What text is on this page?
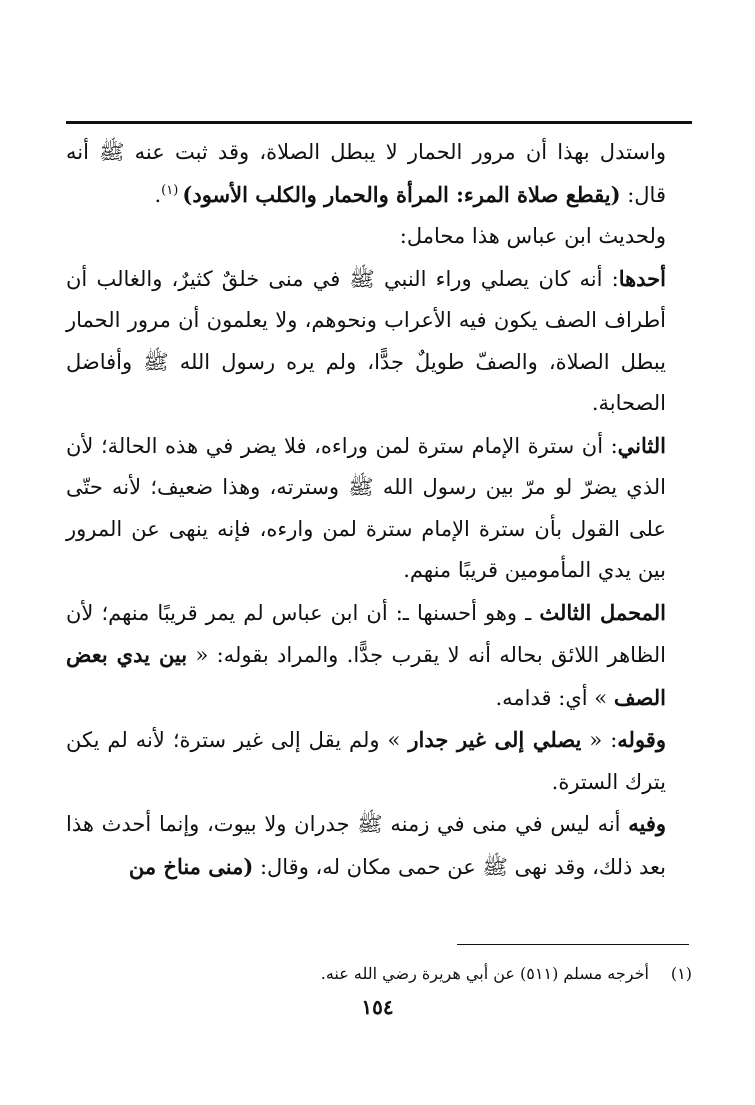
واستدل بهذا أن مرور الحمار لا يبطل الصلاة، وقد ثبت عنه ﷺ أنه قال: (يقطع صلاة المرء: المرأة والحمار والكلب الأسود) $^{(١)}$.

ولحديث ابن عباس هذا محامل:

أحدها: أنه كان يصلي وراء النبي ﷺ في منى خلقٌ كثيرٌ، والغالب أن أطراف الصف يكون فيه الأعراب ونحوهم، ولا يعلمون أن مرور الحمار يبطل الصلاة، والصفّ طويلٌ جدًّا، ولم يره رسول الله ﷺ وأفاضل الصحابة.

الثاني: أن سترة الإمام سترة لمن وراءه، فلا يضر في هذه الحالة؛ لأن الذي يضرّ لو مرّ بين رسول الله ﷺ وسترته، وهذا ضعيف؛ لأنه حتّى على القول بأن سترة الإمام سترة لمن وارءه، فإنه ينهى عن المرور بين يدي المأمومين قريبًا منهم.

المحمل الثالث ـ وهو أحسنها ـ: أن ابن عباس لم يمر قريبًا منهم؛ لأن الظاهر اللائق بحاله أنه لا يقرب جدًّا. والمراد بقوله: « بين يدي بعض الصف » أي: قدامه.

وقوله: « يصلي إلى غير جدار » ولم يقل إلى غير سترة؛ لأنه لم يكن يترك السترة.

وفيه أنه ليس في منى في زمنه ﷺ جدران ولا بيوت، وإنما أحدث هذا بعد ذلك، وقد نهى ﷺ عن حمى مكان له، وقال: (منى مناخ من

(١)أخرجه مسلم (٥١١) عن أبي هريرة رضي الله عنه.
١٥٤
